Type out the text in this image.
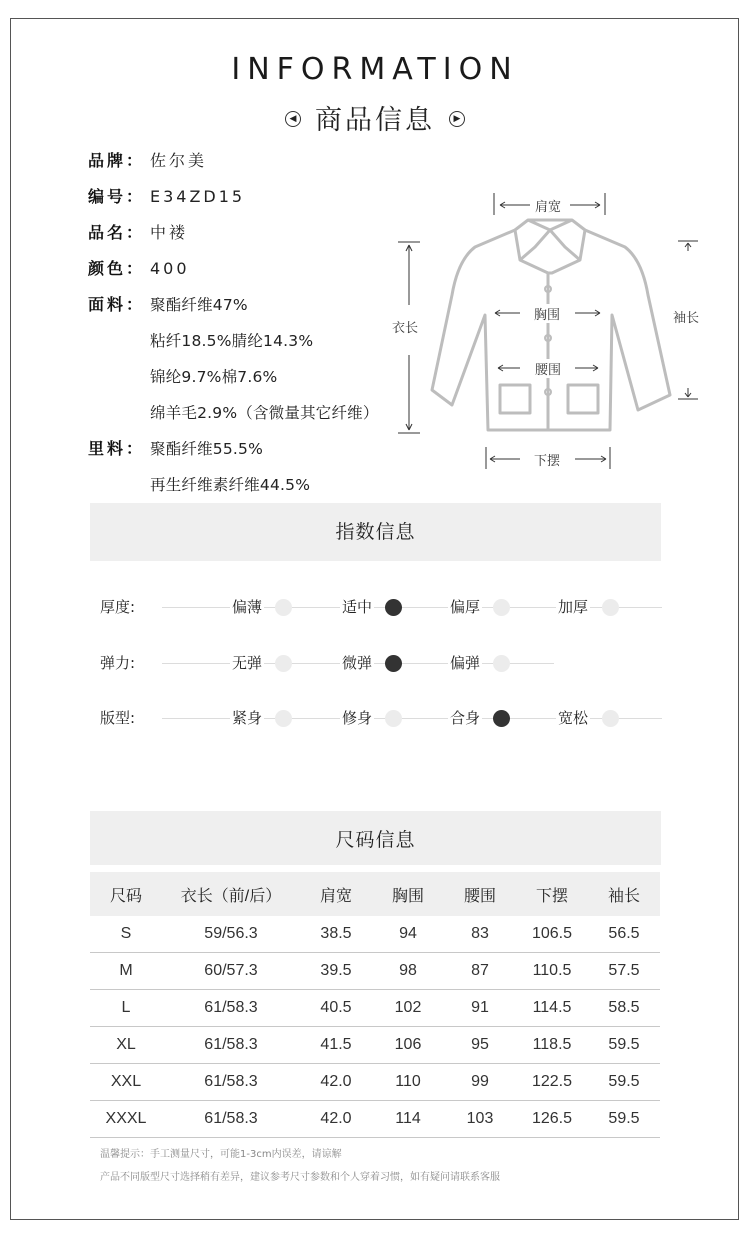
INFORMATION
◀ 商品信息 ▶
品牌： 佐尔美
编号： E34ZD15
品名： 中褛
颜色： 400
面料： 聚酯纤维47%
粘纤18.5%腈纶14.3%
锦纶9.7%棉7.6%
绵羊毛2.9%（含微量其它纤维）
里料： 聚酯纤维55.5%
再生纤维素纤维44.5%
肩宽
衣长
胸围
腰围
下摆
袖长
指数信息
厚度:	偏薄	适中	偏厚	加厚
弹力:	无弹	微弹	偏弹
版型:	紧身	修身	合身	宽松
尺码信息
尺码	衣长（前/后）	肩宽	胸围	腰围	下摆	袖长
S	59/56.3	38.5	94	83	106.5	56.5
M	60/57.3	39.5	98	87	110.5	57.5
L	61/58.3	40.5	102	91	114.5	58.5
XL	61/58.3	41.5	106	95	118.5	59.5
XXL	61/58.3	42.0	110	99	122.5	59.5
XXXL	61/58.3	42.0	114	103	126.5	59.5
温馨提示：手工测量尺寸，可能1-3cm内误差，请谅解
产品不同版型尺寸选择稍有差异，建议参考尺寸参数和个人穿着习惯，如有疑问请联系客服
